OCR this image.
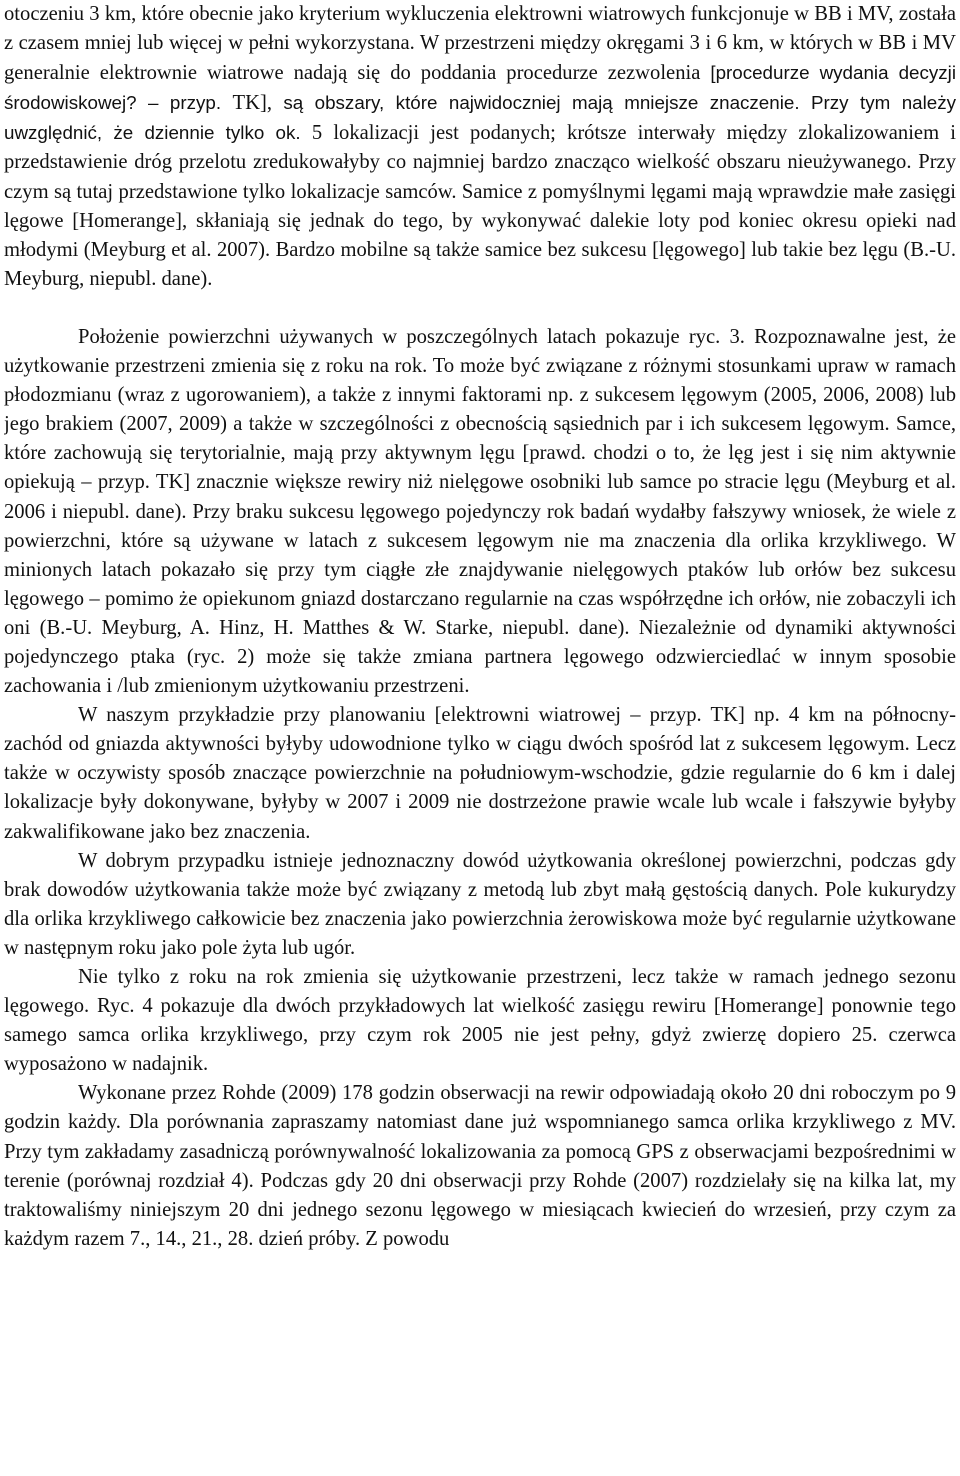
otoczeniu 3 km, które obecnie jako kryterium wykluczenia elektrowni wiatrowych funkcjonuje w BB i MV, została z czasem mniej lub więcej w pełni wykorzystana. W przestrzeni między okręgami 3 i 6 km, w których w BB i MV generalnie elektrownie wiatrowe nadają się do poddania procedurze zezwolenia [procedurze wydania decyzji środowiskowej? – przyp. TK], są obszary, które najwidoczniej mają mniejsze znaczenie. Przy tym należy uwzględnić, że dziennie tylko ok. 5 lokalizacji jest podanych; krótsze interwały między zlokalizowaniem i przedstawienie dróg przelotu zredukowałyby co najmniej bardzo znacząco wielkość obszaru nieużywanego. Przy czym są tutaj przedstawione tylko lokalizacje samców. Samice z pomyślnymi lęgami mają wprawdzie małe zasięgi lęgowe [Homerange], skłaniają się jednak do tego, by wykonywać dalekie loty pod koniec okresu opieki nad młodymi (Meyburg et al. 2007). Bardzo mobilne są także samice bez sukcesu [lęgowego] lub takie bez lęgu (B.-U. Meyburg, niepubl. dane).

Położenie powierzchni używanych w poszczególnych latach pokazuje ryc. 3. Rozpoznawalne jest, że użytkowanie przestrzeni zmienia się z roku na rok. To może być związane z różnymi stosunkami upraw w ramach płodozmianu (wraz z ugorowaniem), a także z innymi faktorami np. z sukcesem lęgowym (2005, 2006, 2008) lub jego brakiem (2007, 2009) a także w szczególności z obecnością sąsiednich par i ich sukcesem lęgowym. Samce, które zachowują się terytorialnie, mają przy aktywnym lęgu [prawd. chodzi o to, że lęg jest i się nim aktywnie opiekują – przyp. TK] znacznie większe rewiry niż nielęgowe osobniki lub samce po stracie lęgu (Meyburg et al. 2006 i niepubl. dane). Przy braku sukcesu lęgowego pojedynczy rok badań wydałby fałszywy wniosek, że wiele z powierzchni, które są używane w latach z sukcesem lęgowym nie ma znaczenia dla orlika krzykliwego. W minionych latach pokazało się przy tym ciągłe złe znajdywanie nielęgowych ptaków lub orłów bez sukcesu lęgowego – pomimo że opiekunom gniazd dostarczano regularnie na czas współrzędne ich orłów, nie zobaczyli ich oni (B.-U. Meyburg, A. Hinz, H. Matthes & W. Starke, niepubl. dane). Niezależnie od dynamiki aktywności pojedynczego ptaka (ryc. 2) może się także zmiana partnera lęgowego odzwierciedlać w innym sposobie zachowania i /lub zmienionym użytkowaniu przestrzeni.

W naszym przykładzie przy planowaniu [elektrowni wiatrowej – przyp. TK] np. 4 km na północny-zachód od gniazda aktywności byłyby udowodnione tylko w ciągu dwóch spośród lat z sukcesem lęgowym. Lecz także w oczywisty sposób znaczące powierzchnie na południowym-wschodzie, gdzie regularnie do 6 km i dalej lokalizacje były dokonywane, byłyby w 2007 i 2009 nie dostrzeżone prawie wcale lub wcale i fałszywie byłyby zakwalifikowane jako bez znaczenia.

W dobrym przypadku istnieje jednoznaczny dowód użytkowania określonej powierzchni, podczas gdy brak dowodów użytkowania także może być związany z metodą lub zbyt małą gęstością danych. Pole kukurydzy dla orlika krzykliwego całkowicie bez znaczenia jako powierzchnia żerowiskowa może być regularnie użytkowane w następnym roku jako pole żyta lub ugór.

Nie tylko z roku na rok zmienia się użytkowanie przestrzeni, lecz także w ramach jednego sezonu lęgowego. Ryc. 4 pokazuje dla dwóch przykładowych lat wielkość zasięgu rewiru [Homerange] ponownie tego samego samca orlika krzykliwego, przy czym rok 2005 nie jest pełny, gdyż zwierzę dopiero 25. czerwca wyposażono w nadajnik.

Wykonane przez Rohde (2009) 178 godzin obserwacji na rewir odpowiadają około 20 dni roboczym po 9 godzin każdy. Dla porównania zapraszamy natomiast dane już wspomnianego samca orlika krzykliwego z MV. Przy tym zakładamy zasadniczą porównywalność lokalizowania za pomocą GPS z obserwacjami bezpośrednimi w terenie (porównaj rozdział 4). Podczas gdy 20 dni obserwacji przy Rohde (2007) rozdzielały się na kilka lat, my traktowaliśmy niniejszym 20 dni jednego sezonu lęgowego w miesiącach kwiecień do wrzesień, przy czym za każdym razem 7., 14., 21., 28. dzień próby. Z powodu
